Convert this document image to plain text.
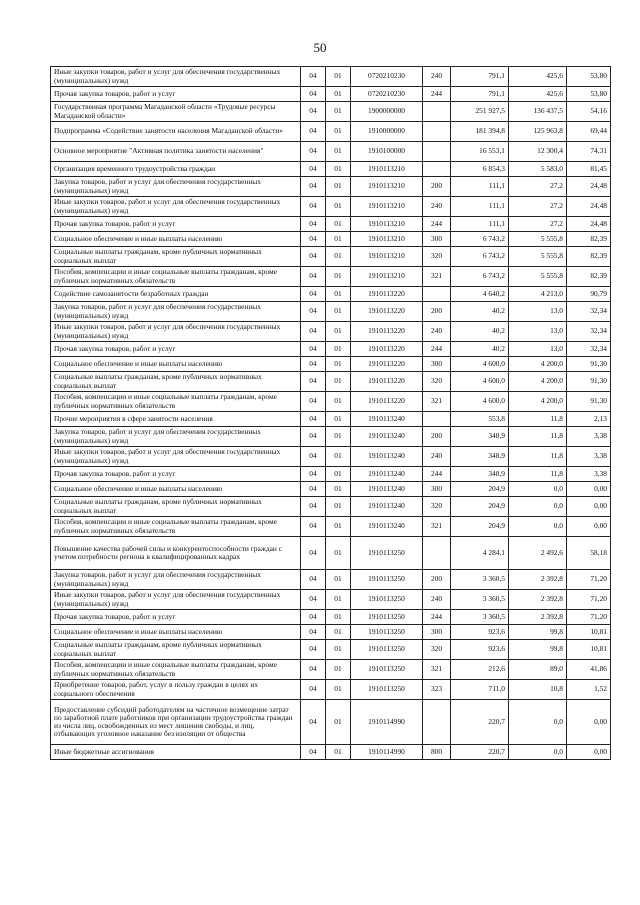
50
Иные закупки товаров, работ и услуг для обеспечения государственных (муниципальных) нужд	04	01	0720210230	240	791,1	425,6	53,80
Прочая закупка товаров, работ и услуг	04	01	0720210230	244	791,1	425,6	53,80
Государственная программа Магаданской области «Трудовые ресурсы Магаданской области»	04	01	1900000000		251 927,5	136 437,5	54,16
Подпрограмма «Содействие занятости населения Магаданской области»	04	01	1910000000		181 394,8	125 963,8	69,44
Основное мероприятие "Активная политика занятости населения"	04	01	1910100000		16 553,1	12 300,4	74,31
Организация временного трудоустройства граждан	04	01	1910113210		6 854,3	5 583,0	81,45
Закупка товаров, работ и услуг для обеспечения государственных (муниципальных) нужд	04	01	1910113210	200	111,1	27,2	24,48
Иные закупки товаров, работ и услуг для обеспечения государственных (муниципальных) нужд	04	01	1910113210	240	111,1	27,2	24,48
Прочая закупка товаров, работ и услуг	04	01	1910113210	244	111,1	27,2	24,48
Социальное обеспечение и иные выплаты населению	04	01	1910113210	300	6 743,2	5 555,8	82,39
Социальные выплаты гражданам, кроме публичных нормативных социальных выплат	04	01	1910113210	320	6 743,2	5 555,8	82,39
Пособия, компенсации и иные социальные выплаты гражданам, кроме публичных нормативных обязательств	04	01	1910113210	321	6 743,2	5 555,8	82,39
Содействие самозанятости безработных граждан	04	01	1910113220		4 640,2	4 213,0	90,79
Закупка товаров, работ и услуг для обеспечения государственных (муниципальных) нужд	04	01	1910113220	200	40,2	13,0	32,34
Иные закупки товаров, работ и услуг для обеспечения государственных (муниципальных) нужд	04	01	1910113220	240	40,2	13,0	32,34
Прочая закупка товаров, работ и услуг	04	01	1910113220	244	40,2	13,0	32,34
Социальное обеспечение и иные выплаты населению	04	01	1910113220	300	4 600,0	4 200,0	91,30
Социальные выплаты гражданам, кроме публичных нормативных социальных выплат	04	01	1910113220	320	4 600,0	4 200,0	91,30
Пособия, компенсации и иные социальные выплаты гражданам, кроме публичных нормативных обязательств	04	01	1910113220	321	4 600,0	4 200,0	91,30
Прочие мероприятия в сфере занятости населения	04	01	1910113240		553,8	11,8	2,13
Закупка товаров, работ и услуг для обеспечения государственных (муниципальных) нужд	04	01	1910113240	200	348,9	11,8	3,38
Иные закупки товаров, работ и услуг для обеспечения государственных (муниципальных) нужд	04	01	1910113240	240	348,9	11,8	3,38
Прочая закупка товаров, работ и услуг	04	01	1910113240	244	348,9	11,8	3,38
Социальное обеспечение и иные выплаты населению	04	01	1910113240	300	204,9	0,0	0,00
Социальные выплаты гражданам, кроме публичных нормативных социальных выплат	04	01	1910113240	320	204,9	0,0	0,00
Пособия, компенсации и иные социальные выплаты гражданам, кроме публичных нормативных обязательств	04	01	1910113240	321	204,9	0,0	0,00
Повышение качества рабочей силы и конкурентоспособности граждан с учетом потребности региона в квалифицированных кадрах	04	01	1910113250		4 284,1	2 492,6	58,18
Закупка товаров, работ и услуг для обеспечения государственных (муниципальных) нужд	04	01	1910113250	200	3 360,5	2 392,8	71,20
Иные закупки товаров, работ и услуг для обеспечения государственных (муниципальных) нужд	04	01	1910113250	240	3 360,5	2 392,8	71,20
Прочая закупка товаров, работ и услуг	04	01	1910113250	244	3 360,5	2 392,8	71,20
Социальное обеспечение и иные выплаты населению	04	01	1910113250	300	923,6	99,8	10,81
Социальные выплаты гражданам, кроме публичных нормативных социальных выплат	04	01	1910113250	320	923,6	99,8	10,81
Пособия, компенсации и иные социальные выплаты гражданам, кроме публичных нормативных обязательств	04	01	1910113250	321	212,6	89,0	41,86
Приобретение товаров, работ, услуг в пользу граждан в целях их социального обеспечения	04	01	1910113250	323	711,0	10,8	1,52
Предоставление субсидий работодателям на частичное возмещение затрат по заработной плате работников при организации трудоустройства граждан из числа лиц, освобожденных из мест лишения свободы, и лиц, отбывающих уголовное наказание без изоляции от общества	04	01	1910114990		220,7	0,0	0,00
Иные бюджетные ассигнования	04	01	1910114990	800	220,7	0,0	0,00
